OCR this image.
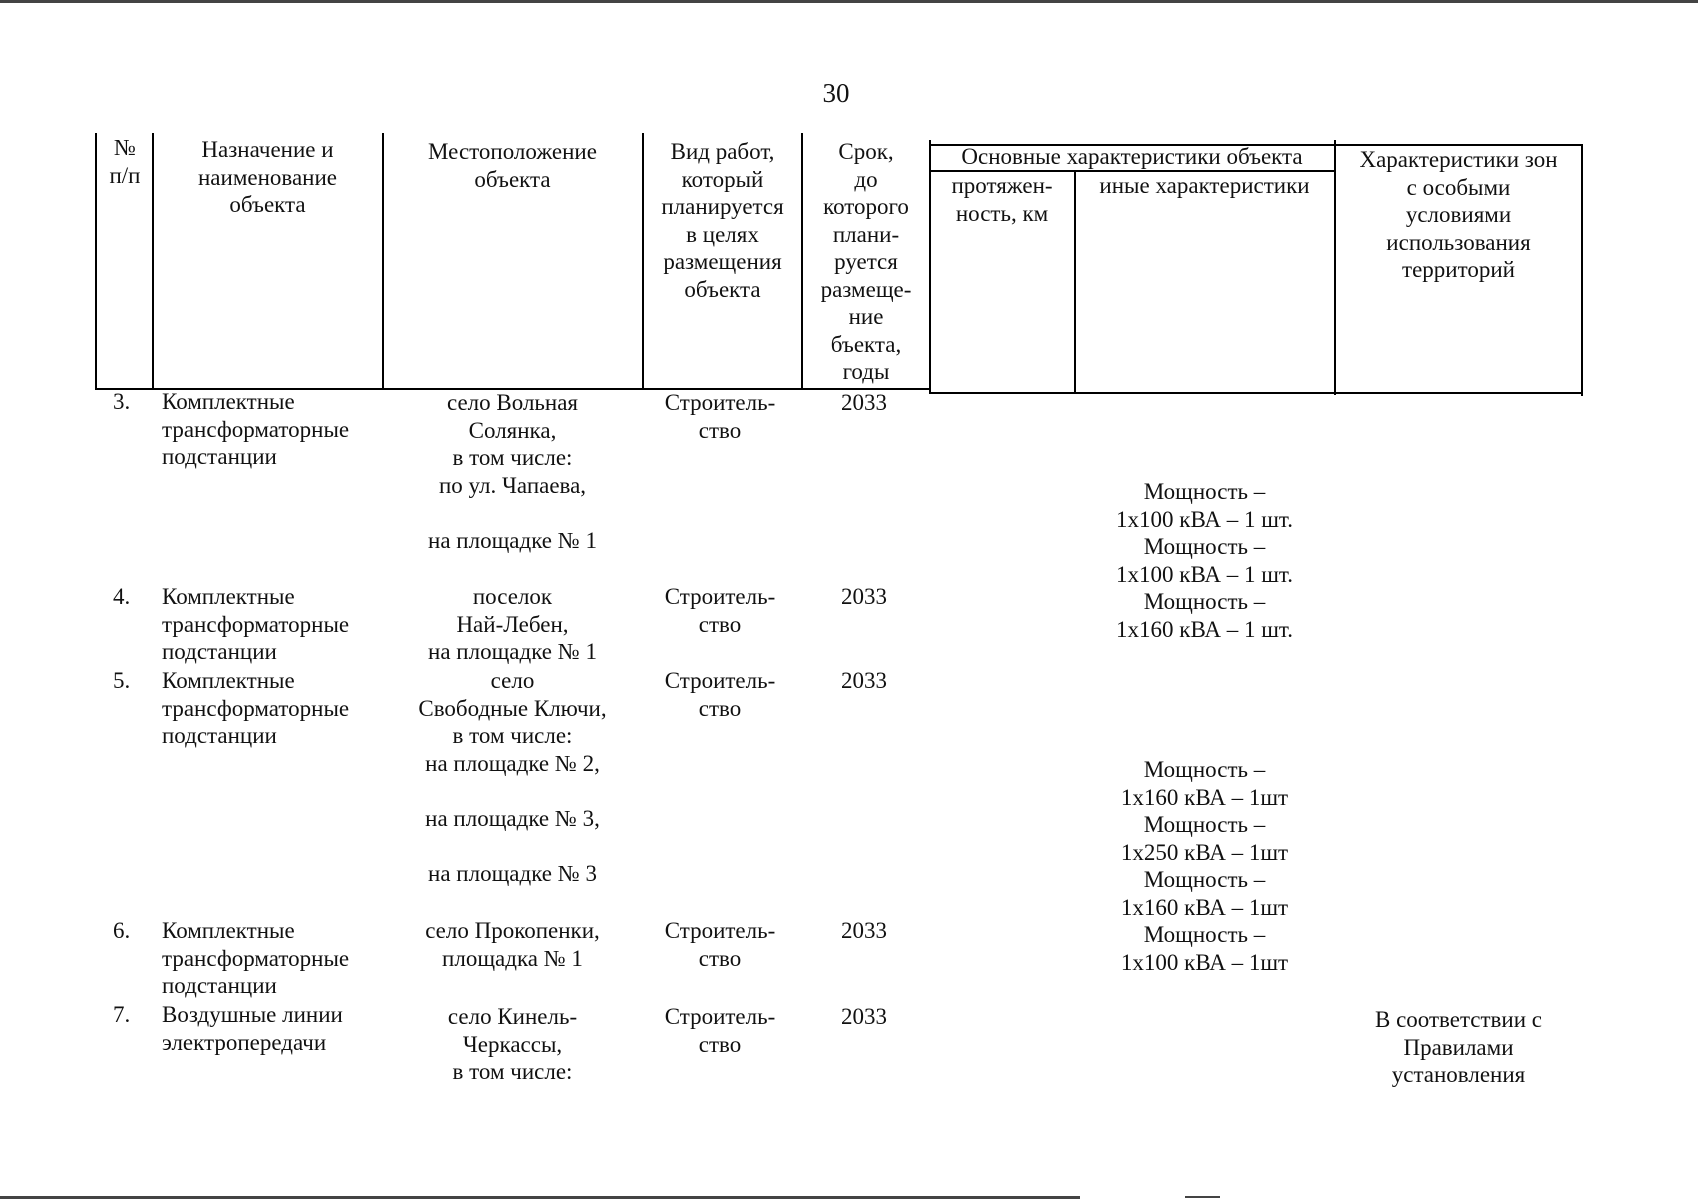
30
№
п/п
Назначение и
наименование
объекта
Местоположение
объекта
Вид работ,
который
планируется
в целях
размещения
объекта
Срок,
до
которого
плани-
руется
размеще-
ние
бъекта,
годы
Основные характеристики объекта
протяжен-
ность, км
иные характеристики
Характеристики зон
с особыми
условиями
использования
территорий
3. Комплектные
трансформаторные
подстанции
село Вольная
Солянка,
в том числе:
по ул. Чапаева,

на площадке № 1
Строитель-
ство
2033
4. Комплектные
трансформаторные
подстанции
поселок
Най-Лебен,
на площадке № 1
Строитель-
ство
2033
5. Комплектные
трансформаторные
подстанции
село
Свободные Ключи,
в том числе:
на площадке № 2,

на площадке № 3,

на площадке № 3
Строитель-
ство
2033
6. Комплектные
трансформаторные
подстанции
село Прокопенки,
площадка № 1
Строитель-
ство
2033
7. Воздушные линии
электропередачи
село Кинель-
Черкассы,
в том числе:
Строитель-
ство
2033	В соответствии с
Правилами
установления
Мощность –
1х100 кВА – 1 шт.
Мощность –
1х100 кВА – 1 шт.
Мощность –
1х160 кВА – 1 шт.
Мощность –
1х160 кВА – 1шт
Мощность –
1х250 кВА – 1шт
Мощность –
1х160 кВА – 1шт
Мощность –
1х100 кВА – 1шт
